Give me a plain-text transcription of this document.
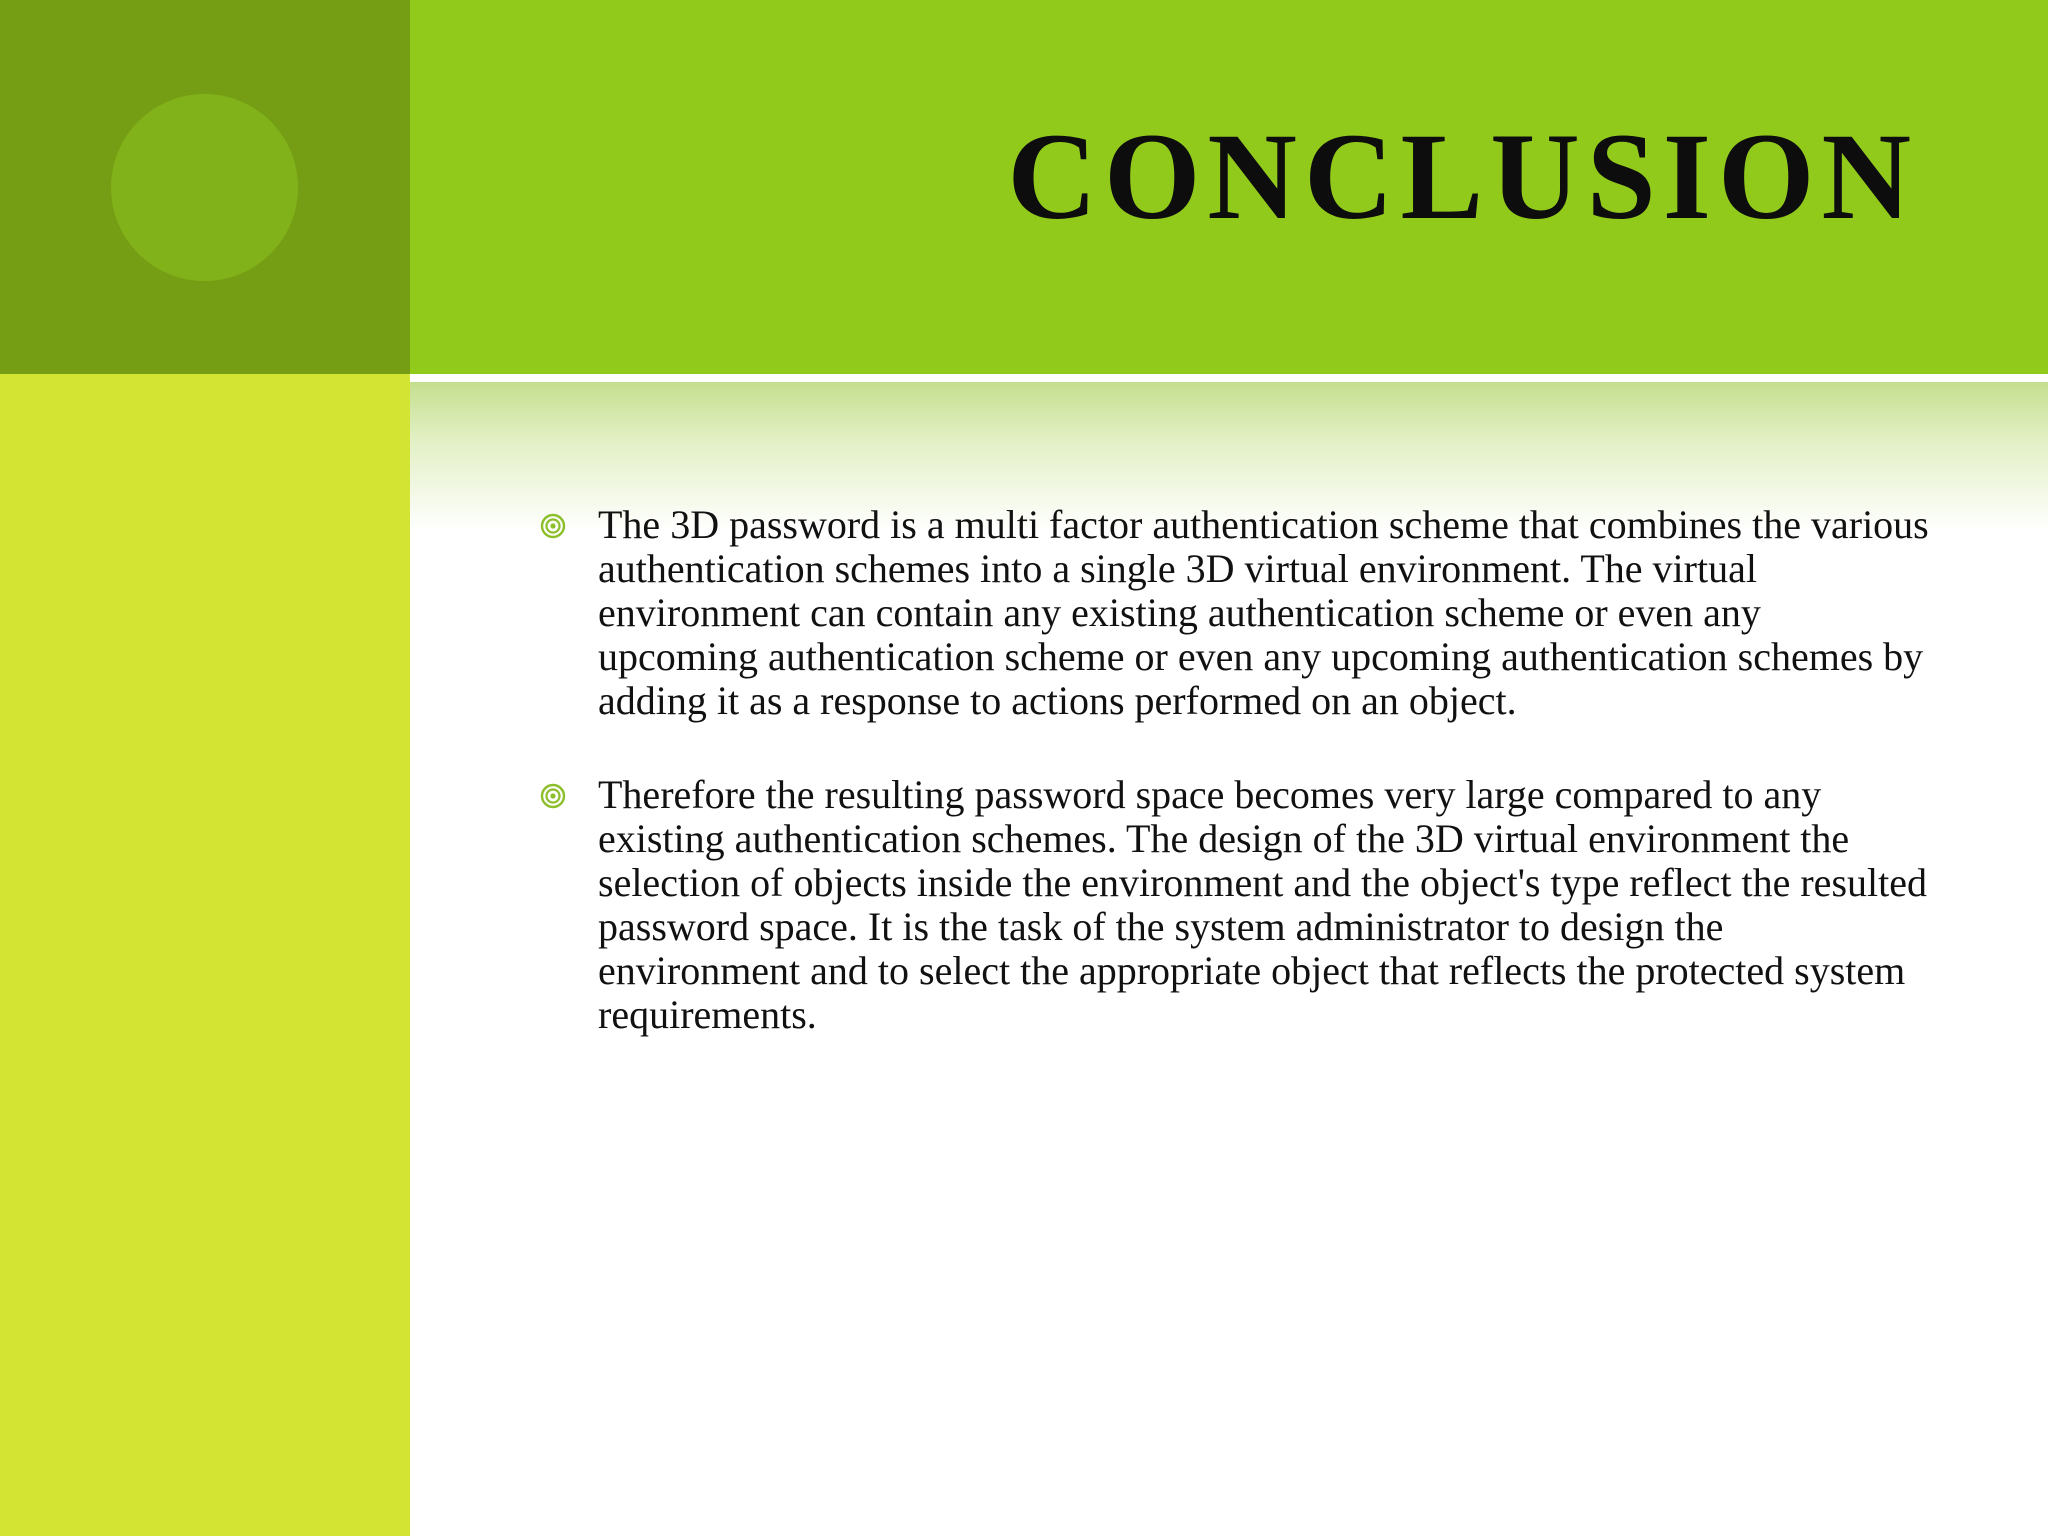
CONCLUSION
The 3D password is a multi factor authentication scheme that combines the various authentication schemes into a single 3D virtual environment. The virtual environment can contain any existing authentication scheme or even any upcoming authentication scheme or even any upcoming authentication schemes by adding it as a response to actions performed on an object.
Therefore the resulting password space becomes very large compared to any existing authentication schemes. The design of the 3D virtual environment the selection of objects inside the environment and the object's type reflect the resulted password space. It is the task of the system administrator to design the environment and to select the appropriate object that reflects the protected system requirements.
